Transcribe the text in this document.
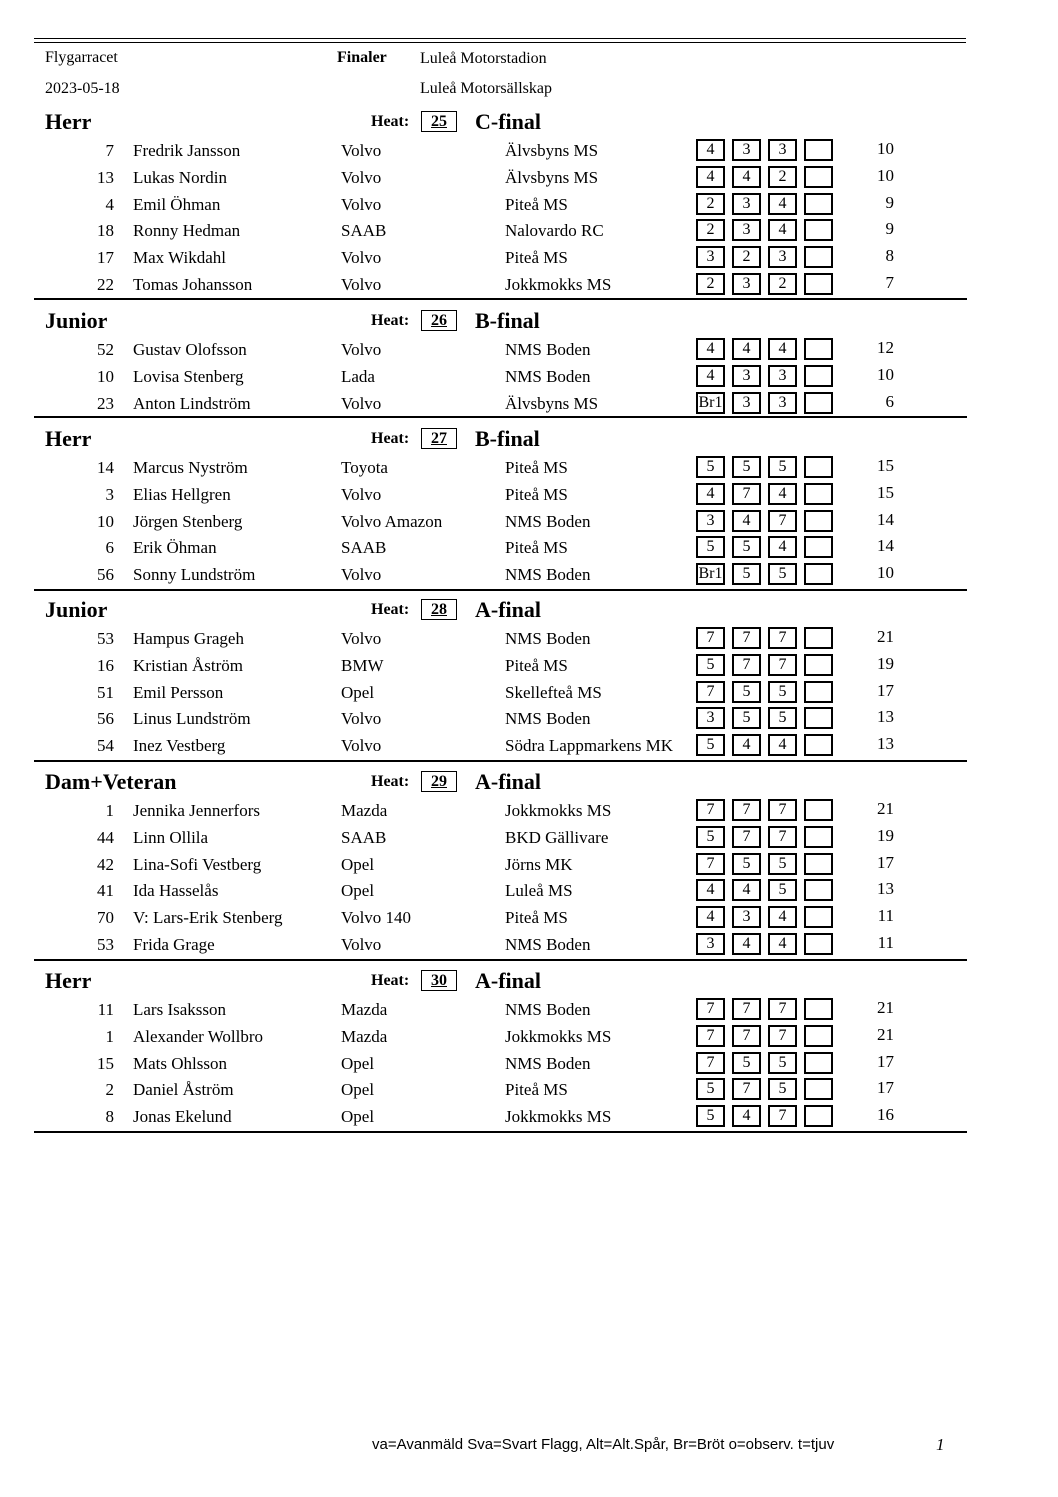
Flygarracet	Finaler Luleå Motorstadion
2023-05-18	Luleå Motorsällskap
Herr	Heat:	25	C-final
7 Fredrik Jansson	Volvo	Älvsbyns MS	4	3	3	10
13 Lukas Nordin	Volvo	Älvsbyns MS	4	4	2	10
4 Emil Öhman	Volvo	Piteå MS	2	3	4	9
18 Ronny Hedman	SAAB	Nalovardo RC	2	3	4	9
17 Max Wikdahl	Volvo	Piteå MS	3	2	3	8
22 Tomas Johansson	Volvo	Jokkmokks MS	2	3	2	7
Junior	Heat:	26	B-final
52 Gustav Olofsson	Volvo	NMS Boden	4	4	4	12
10 Lovisa Stenberg	Lada	NMS Boden	4	3	3	10
23 Anton Lindström	Volvo	Älvsbyns MS	Br1	3	3	6
Herr	Heat:	27	B-final
14 Marcus Nyström	Toyota	Piteå MS	5	5	5	15
3 Elias Hellgren	Volvo	Piteå MS	4	7	4	15
10 Jörgen Stenberg	Volvo Amazon	NMS Boden	3	4	7	14
6 Erik Öhman	SAAB	Piteå MS	5	5	4	14
56 Sonny Lundström	Volvo	NMS Boden	Br1	5	5	10
Junior	Heat:	28	A-final
53 Hampus Grageh	Volvo	NMS Boden	7	7	7	21
16 Kristian Åström	BMW	Piteå MS	5	7	7	19
51 Emil Persson	Opel	Skellefteå MS	7	5	5	17
56 Linus Lundström	Volvo	NMS Boden	3	5	5	13
54 Inez Vestberg	Volvo	Södra Lappmarkens MK	5	4	4	13
Dam+Veteran	Heat:	29	A-final
1 Jennika Jennerfors	Mazda	Jokkmokks MS	7	7	7	21
44 Linn Ollila	SAAB	BKD Gällivare	5	7	7	19
42 Lina-Sofi Vestberg	Opel	Jörns MK	7	5	5	17
41 Ida Hasselås	Opel	Luleå MS	4	4	5	13
70 V: Lars-Erik Stenberg	Volvo 140	Piteå MS	4	3	4	11
53 Frida Grage	Volvo	NMS Boden	3	4	4	11
Herr	Heat:	30	A-final
11 Lars Isaksson	Mazda	NMS Boden	7	7	7	21
1 Alexander Wollbro	Mazda	Jokkmokks MS	7	7	7	21
15 Mats Ohlsson	Opel	NMS Boden	7	5	5	17
2 Daniel Åström	Opel	Piteå MS	5	7	5	17
8 Jonas Ekelund	Opel	Jokkmokks MS	5	4	7	16
va=Avanmäld Sva=Svart Flagg, Alt=Alt.Spår, Br=Bröt o=observ. t=tjuv	1
